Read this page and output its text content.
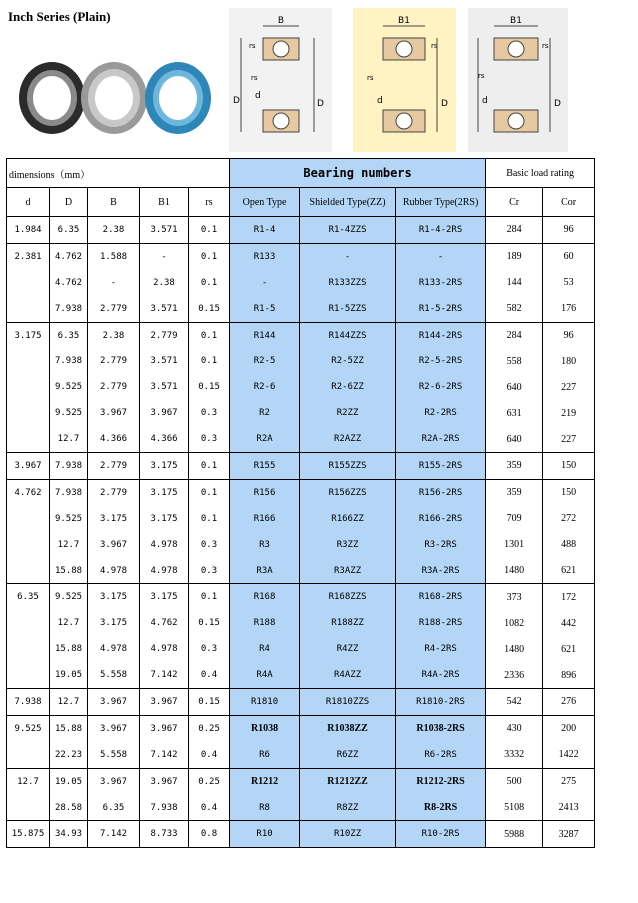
Inch Series (Plain)	B
rs
rs
D d
D
B1
rs
rs
d	D
B1
rs
rs
d	D
dimensions（mm）					Bearing numbers			Basic load rating	
d	D	B	B1	rs	Open Type	Shielded Type(ZZ)	Rubber Type(2RS)	Cr	Cor
1.984	6.35	2.38	3.571	0.1	R1-4	R1-4ZZS	R1-4-2RS	284	96
2.381	4.762	1.588	-	0.1	R133	-	-	189	60
	4.762	-	2.38	0.1	-	R133ZZS	R133-2RS	144	53
	7.938	2.779	3.571	0.15	R1-5	R1-5ZZS	R1-5-2RS	582	176
3.175	6.35	2.38	2.779	0.1	R144	R144ZZS	R144-2RS	284	96
	7.938	2.779	3.571	0.1	R2-5	R2-5ZZ	R2-5-2RS	558	180
	9.525	2.779	3.571	0.15	R2-6	R2-6ZZ	R2-6-2RS	640	227
	9.525	3.967	3.967	0.3	R2	R2ZZ	R2-2RS	631	219
	12.7	4.366	4.366	0.3	R2A	R2AZZ	R2A-2RS	640	227
3.967	7.938	2.779	3.175	0.1	R155	R155ZZS	R155-2RS	359	150
4.762	7.938	2.779	3.175	0.1	R156	R156ZZS	R156-2RS	359	150
	9.525	3.175	3.175	0.1	R166	R166ZZ	R166-2RS	709	272
	12.7	3.967	4.978	0.3	R3	R3ZZ	R3-2RS	1301	488
	15.88	4.978	4.978	0.3	R3A	R3AZZ	R3A-2RS	1480	621
6.35	9.525	3.175	3.175	0.1	R168	R168ZZS	R168-2RS	373	172
	12.7	3.175	4.762	0.15	R188	R188ZZ	R188-2RS	1082	442
	15.88	4.978	4.978	0.3	R4	R4ZZ	R4-2RS	1480	621
	19.05	5.558	7.142	0.4	R4A	R4AZZ	R4A-2RS	2336	896
7.938	12.7	3.967	3.967	0.15	R1810	R1810ZZS	R1810-2RS	542	276
9.525	15.88	3.967	3.967	0.25	R1038	R1038ZZ	R1038-2RS	430	200
	22.23	5.558	7.142	0.4	R6	R6ZZ	R6-2RS	3332	1422
12.7	19.05	3.967	3.967	0.25	R1212	R1212ZZ	R1212-2RS	500	275
	28.58	6.35	7.938	0.4	R8	R8ZZ	R8-2RS	5108	2413
15.875	34.93	7.142	8.733	0.8	R10	R10ZZ	R10-2RS	5988	3287
